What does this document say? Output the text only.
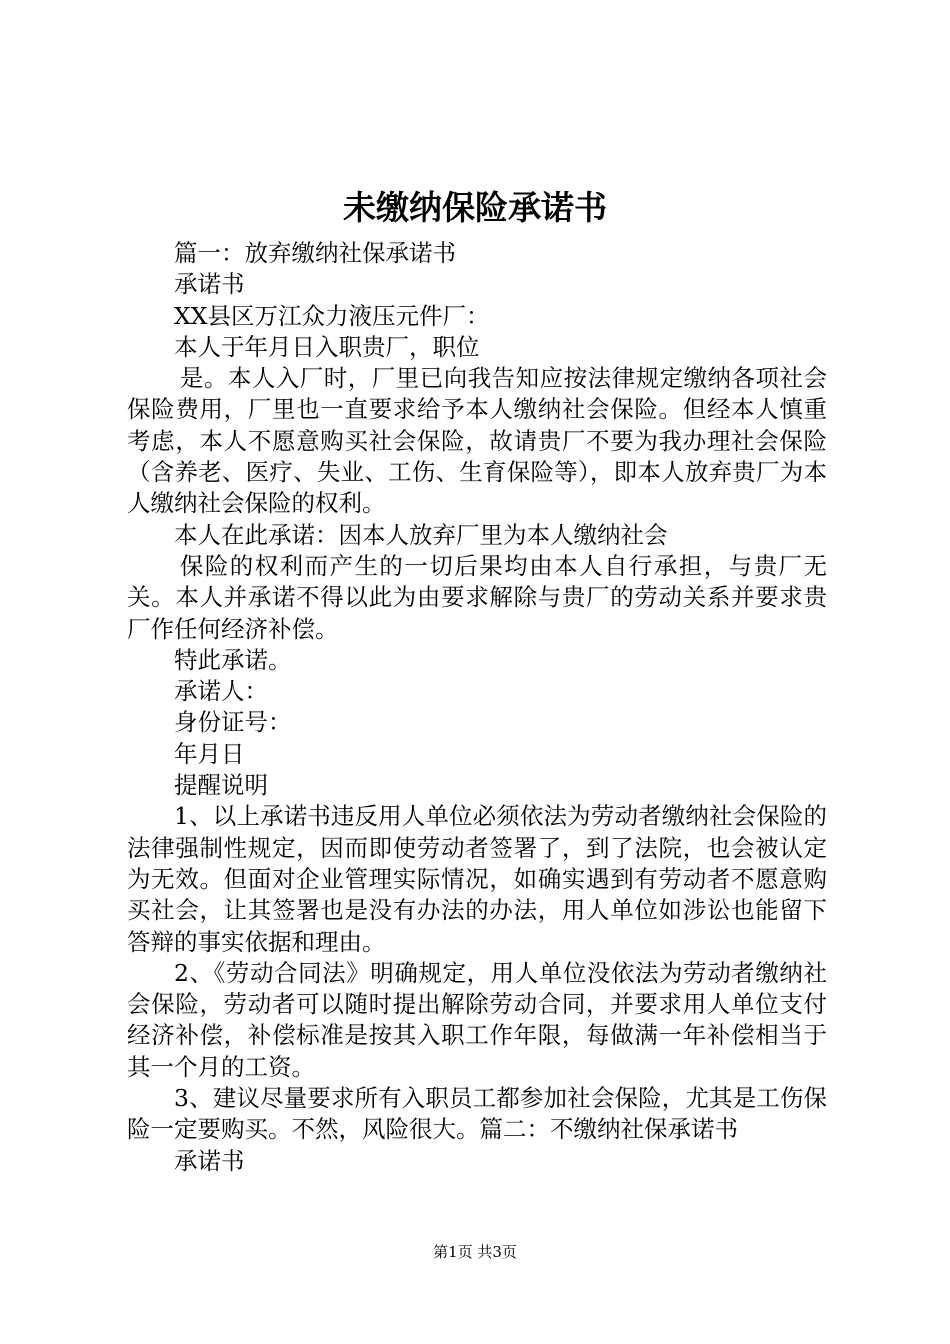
未缴纳保险承诺书

篇一：放弃缴纳社保承诺书

承诺书

XX县区万江众力液压元件厂：

本人于年月日入职贵厂，职位

是。本人入厂时，厂里已向我告知应按法律规定缴纳各项社会保险费用，厂里也一直要求给予本人缴纳社会保险。但经本人慎重考虑，本人不愿意购买社会保险，故请贵厂不要为我办理社会保险（含养老、医疗、失业、工伤、生育保险等），即本人放弃贵厂为本人缴纳社会保险的权利。

本人在此承诺：因本人放弃厂里为本人缴纳社会

保险的权利而产生的一切后果均由本人自行承担，与贵厂无关。本人并承诺不得以此为由要求解除与贵厂的劳动关系并要求贵厂作任何经济补偿。

特此承诺。

承诺人：

身份证号：

年月日

提醒说明

1、以上承诺书违反用人单位必须依法为劳动者缴纳社会保险的法律强制性规定，因而即使劳动者签署了，到了法院，也会被认定为无效。但面对企业管理实际情况，如确实遇到有劳动者不愿意购买社会，让其签署也是没有办法的办法，用人单位如涉讼也能留下答辩的事实依据和理由。

2、《劳动合同法》明确规定，用人单位没依法为劳动者缴纳社会保险，劳动者可以随时提出解除劳动合同，并要求用人单位支付经济补偿，补偿标准是按其入职工作年限，每做满一年补偿相当于其一个月的工资。

3、建议尽量要求所有入职员工都参加社会保险，尤其是工伤保险一定要购买。不然，风险很大。篇二：不缴纳社保承诺书

承诺书

第1页 共3页
